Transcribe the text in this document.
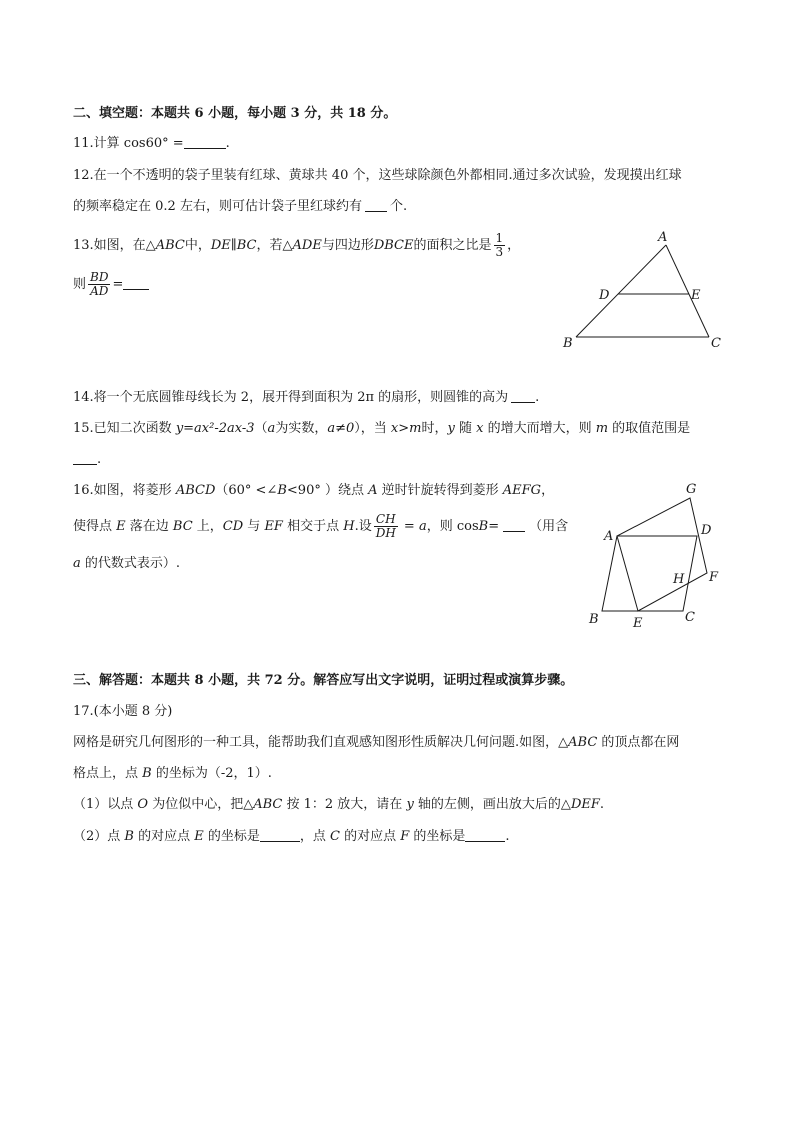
二、填空题：本题共 6 小题，每小题 3 分，共 18 分。
11.计算 cos60° =	.
12.在一个不透明的袋子里装有红球、黄球共 40 个，这些球除颜色外都相同.通过多次试验，发现摸出红球
的频率稳定在 0.2 左右，则可估计袋子里红球约有 个.
13.如图，在△ABC中，DE∥BC，若△ADE与四边形DBCE的面积之比是 $\frac{1}{3}$ ，
则 $\frac{BD}{AD}$ =
A
D	E
B	C
14.将一个无底圆锥母线长为 2，展开得到面积为 2π 的扇形，则圆锥的高为 .
15.已知二次函数 y=ax²-2ax-3（a为实数，a≠0），当 x>m时，y 随 x 的增大而增大，则 m 的取值范围是
.
16.如图，将菱形 ABCD（60° <∠B<90° ）绕点 A 逆时针旋转得到菱形 AEFG，
使得点 E 落在边 BC 上，CD 与 EF 相交于点 H.设 $\frac{CH}{DH} = a$，则 cosB= （用含
a 的代数式表示）.
A
G
D
H F
B	E	C
三、解答题：本题共 8 小题，共 72 分。解答应写出文字说明，证明过程或演算步骤。
17.(本小题 8 分)
网格是研究几何图形的一种工具，能帮助我们直观感知图形性质解决几何问题.如图，△ABC 的顶点都在网
格点上，点 B 的坐标为（-2，1）.
（1）以点 O 为位似中心，把△ABC 按 1：2 放大，请在 y 轴的左侧，画出放大后的△DEF.
（2）点 B 的对应点 E 的坐标是	，点 C 的对应点 F 的坐标是	.
